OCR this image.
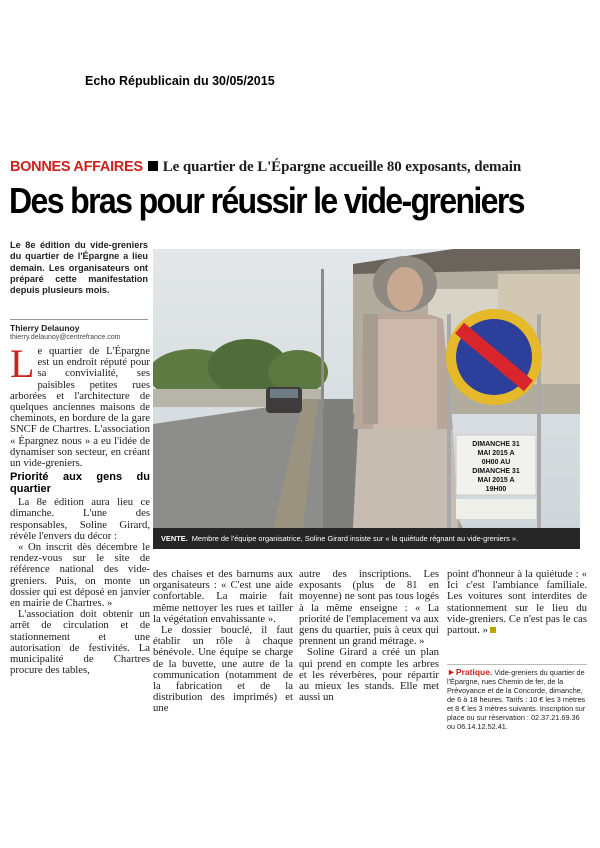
Echo Républicain du 30/05/2015
BONNES AFFAIRES Le quartier de L'Épargne accueille 80 exposants, demain
Des bras pour réussir le vide-greniers
Le 8e édition du vide-greniers du quartier de l'Épargne a lieu demain. Les organisateurs ont préparé cette manifestation depuis plusieurs mois.
Thierry Delaunoy
thierry.delaunoy@centrefrance.com

Le quartier de L'Épargne est un endroit réputé pour sa convivialité, ses paisibles petites rues arborées et l'architecture de quelques anciennes maisons de cheminots, en bordure de la gare SNCF de Chartres. L'association « Épargnez nous » a eu l'idée de dynamiser son secteur, en créant un vide-greniers.

Priorité aux gens du quartier

La 8e édition aura lieu ce dimanche. L'une des responsables, Soline Girard, révèle l'envers du décor :

« On inscrit dès décembre le rendez-vous sur le site de référence national des vide-greniers. Puis, on monte un dossier qui est déposé en janvier en mairie de Chartres. »

L'association doit obtenir un arrêt de circulation et de stationnement et une autorisation de festivités. La municipalité de Chartres procure des tables,

DIMANCHE 31
MAI 2015 A
0H00 AU
DIMANCHE 31
MAI 2015 A
19H00
VENTE. Membre de l'équipe organisatrice, Soline Girard insiste sur « la quiétude régnant au vide-greniers ».

des chaises et des barnums aux organisateurs : « C'est une aide confortable. La mairie fait même nettoyer les rues et tailler la végétation envahissante ».

Le dossier bouclé, il faut établir un rôle à chaque bénévole. Une équipe se charge de la buvette, une autre de la communication (notamment de la fabrication et de la distribution des imprimés) et une

autre des inscriptions. Les exposants (plus de 81 en moyenne) ne sont pas tous logés à la même enseigne : « La priorité de l'emplacement va aux gens du quartier, puis à ceux qui prennent un grand métrage. »

Soline Girard a créé un plan qui prend en compte les arbres et les réverbères, pour répartir au mieux les stands. Elle met aussi un

point d'honneur à la quiétude : « Ici c'est l'ambiance familiale. Les voitures sont interdites de stationnement sur le lieu du vide-greniers. Ce n'est pas le cas partout. »

►Pratique. Vide-greniers du quartier de l'Épargne, rues Chemin de fer, de la Prévoyance et de la Concorde, dimanche, de 6 à 18 heures. Tarifs : 10 € les 3 mètres et 8 € les 3 mètres suivants. Inscription sur place ou sur réservation : 02.37.21.69.36 ou 06.14.12.52.41.
